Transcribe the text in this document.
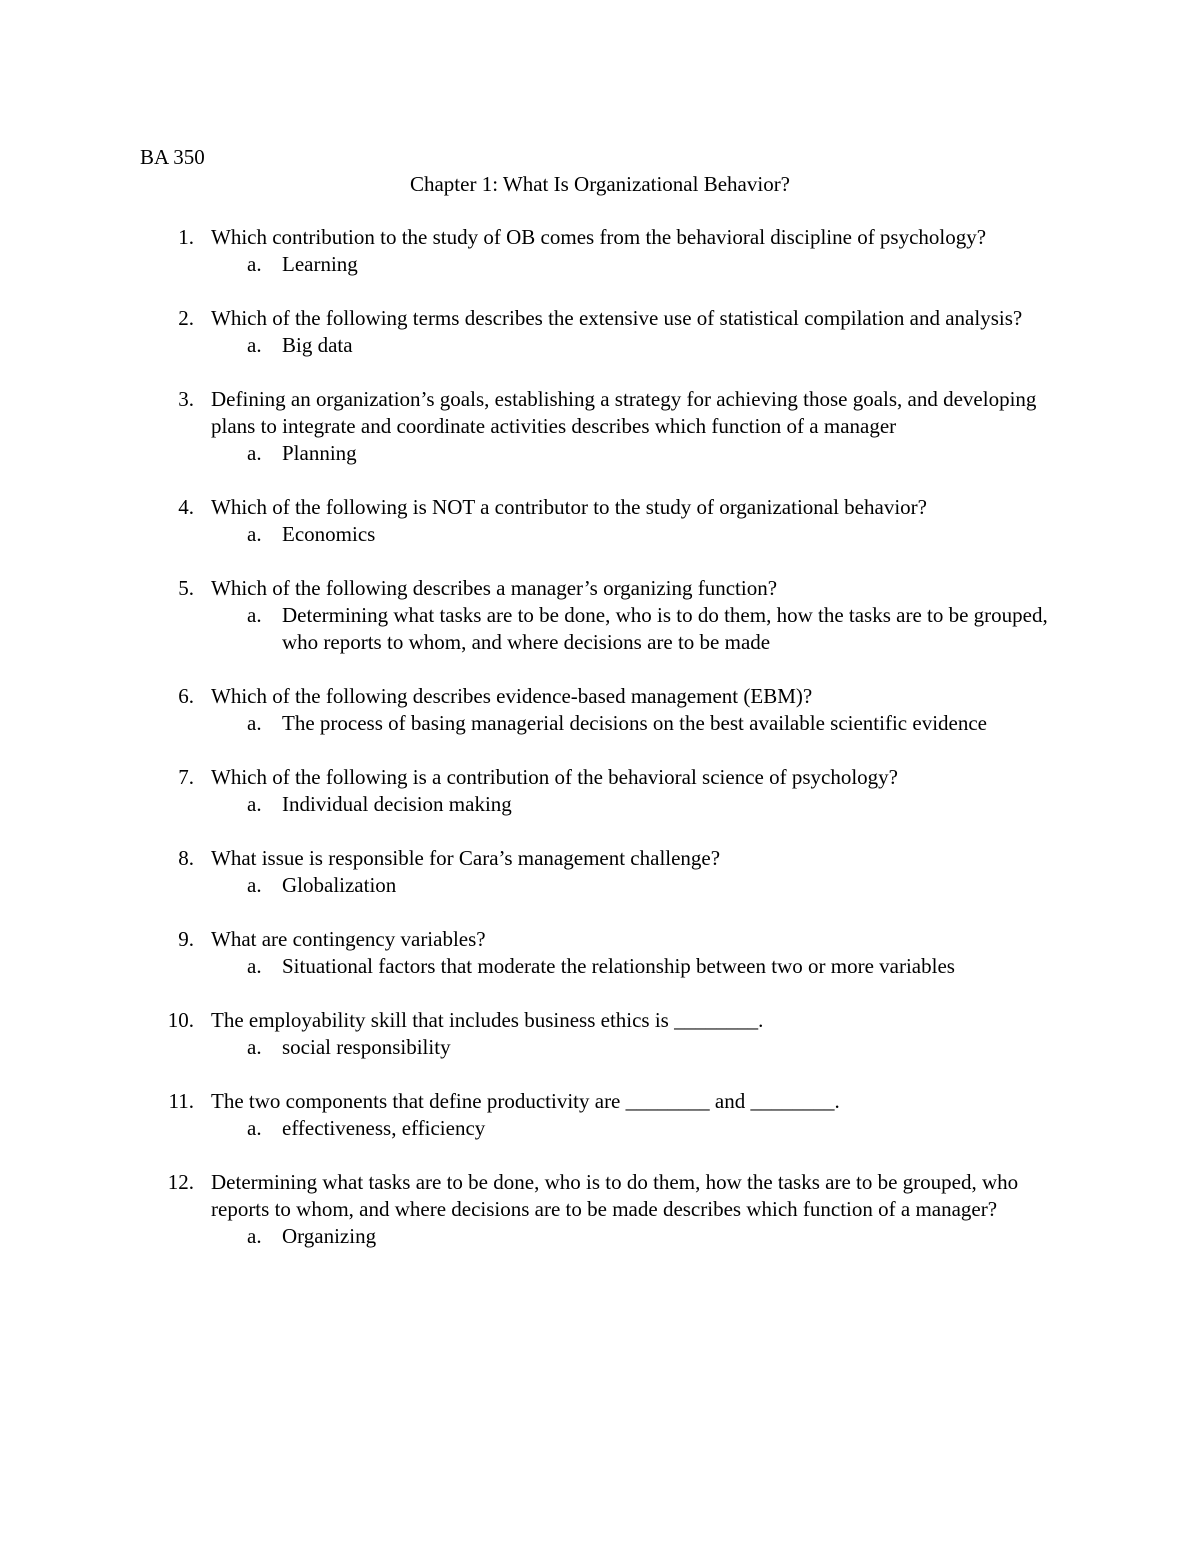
BA 350

Chapter 1: What Is Organizational Behavior?

1. Which contribution to the study of OB comes from the behavioral discipline of psychology?
a. Learning
2. Which of the following terms describes the extensive use of statistical compilation and analysis?
a. Big data
3. Defining an organization’s goals, establishing a strategy for achieving those goals, and developing plans to integrate and coordinate activities describes which function of a manager
a. Planning
4. Which of the following is NOT a contributor to the study of organizational behavior?
a. Economics
5. Which of the following describes a manager’s organizing function?
a. Determining what tasks are to be done, who is to do them, how the tasks are to be grouped, who reports to whom, and where decisions are to be made
6. Which of the following describes evidence-based management (EBM)?
a. The process of basing managerial decisions on the best available scientific evidence
7. Which of the following is a contribution of the behavioral science of psychology?
a. Individual decision making
8. What issue is responsible for Cara’s management challenge?
a. Globalization
9. What are contingency variables?
a. Situational factors that moderate the relationship between two or more variables
10. The employability skill that includes business ethics is ________.
a. social responsibility
11. The two components that define productivity are ________ and ________.
a. effectiveness, efficiency
12. Determining what tasks are to be done, who is to do them, how the tasks are to be grouped, who reports to whom, and where decisions are to be made describes which function of a manager?
a. Organizing
